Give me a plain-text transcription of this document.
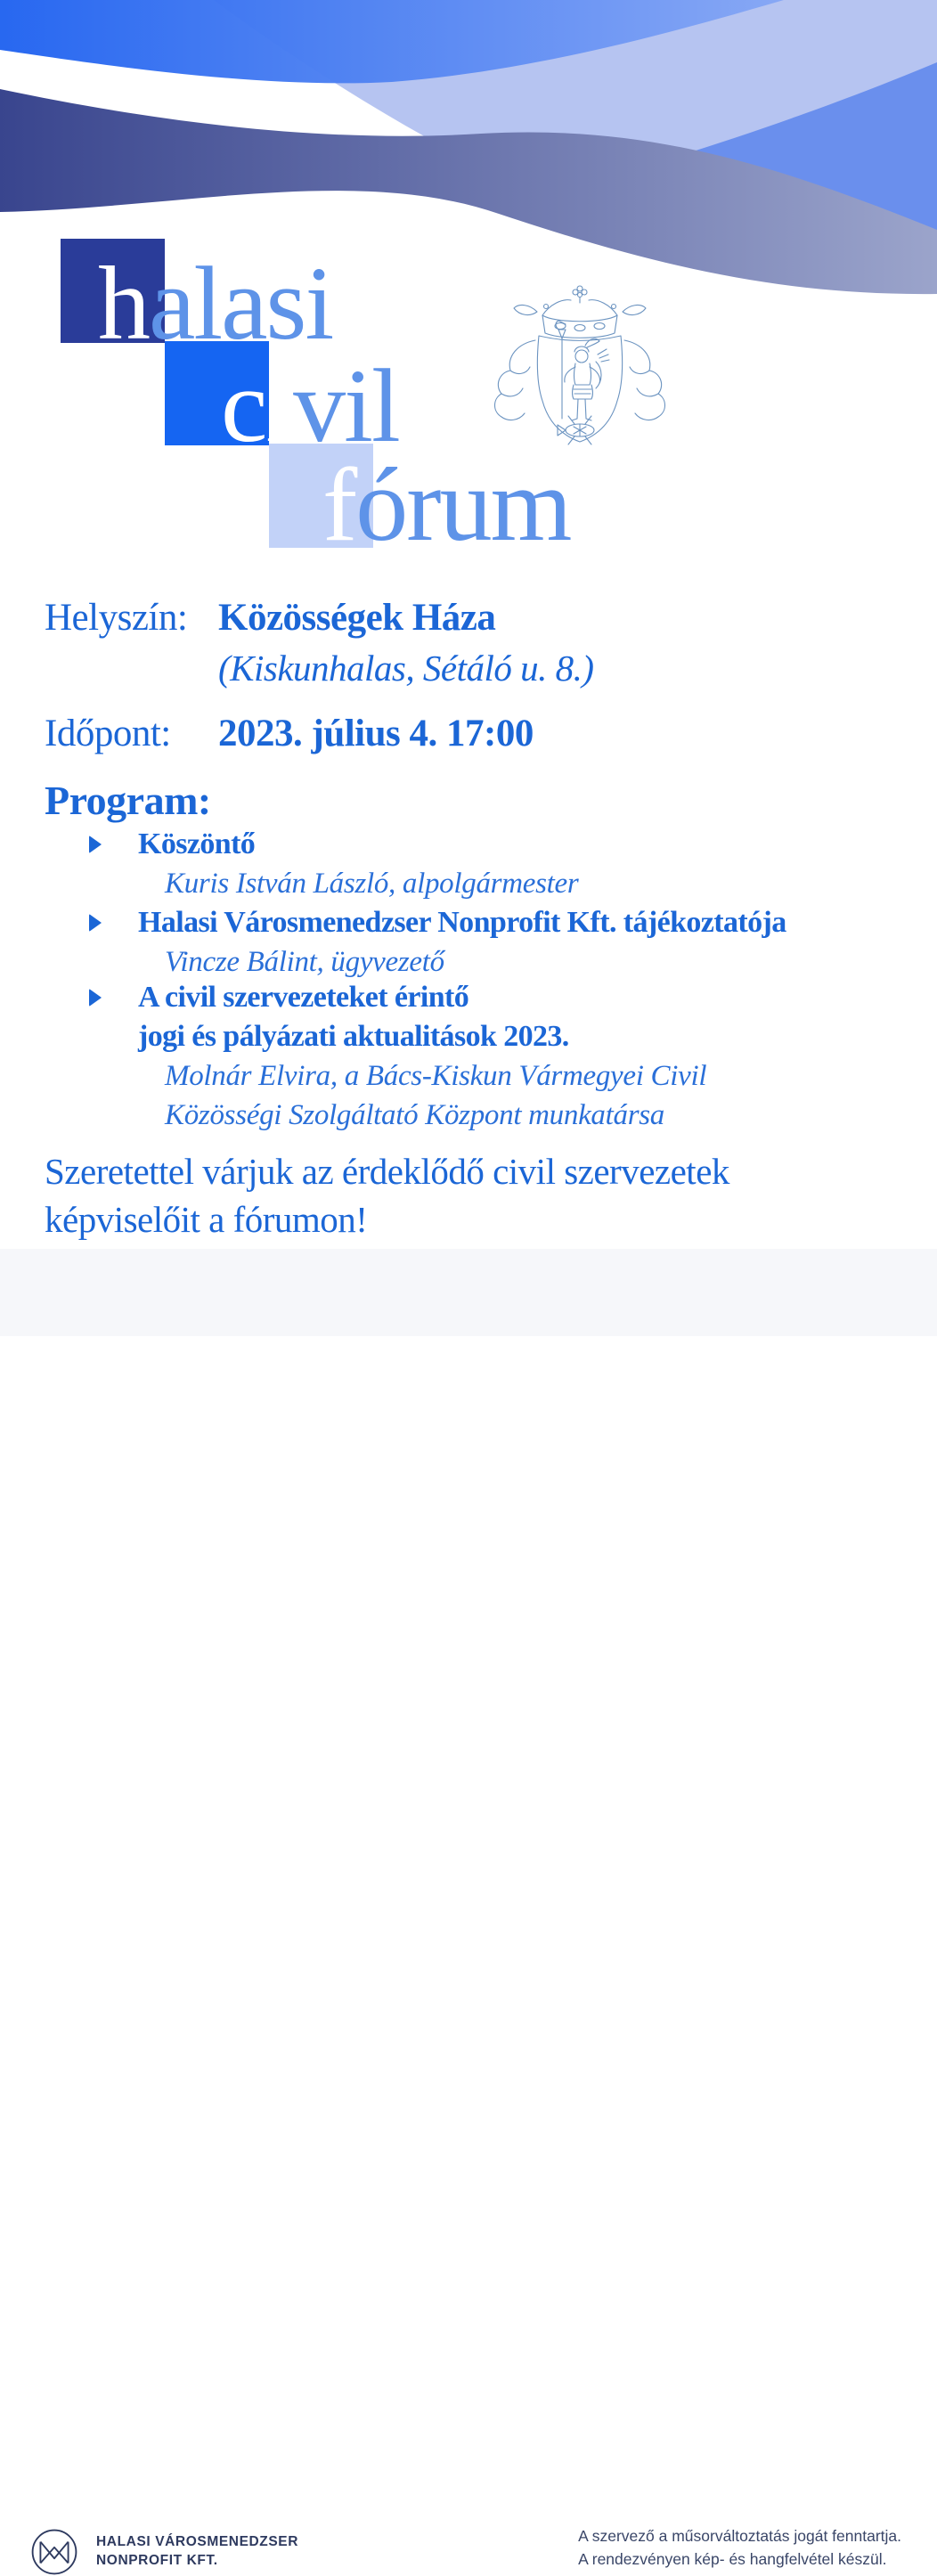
halasi
civil
fórum
Helyszín: Közösségek Háza
(Kiskunhalas, Sétáló u. 8.)
Időpont: 2023. július 4. 17:00
Program:
Köszöntő
Kuris István László, alpolgármester
Halasi Városmenedzser Nonprofit Kft. tájékoztatója
Vincze Bálint, ügyvezető
A civil szervezeteket érintő
jogi és pályázati aktualitások 2023.
Molnár Elvira, a Bács-Kiskun Vármegyei Civil
Közösségi Szolgáltató Központ munkatársa
Szeretettel várjuk az érdeklődő civil szervezetek
képviselőit a fórumon!
HALASI VÁROSMENEDZSER
NONPROFIT KFT.
A szervező a műsorváltoztatás jogát fenntartja.
A rendezvényen kép- és hangfelvétel készül.
